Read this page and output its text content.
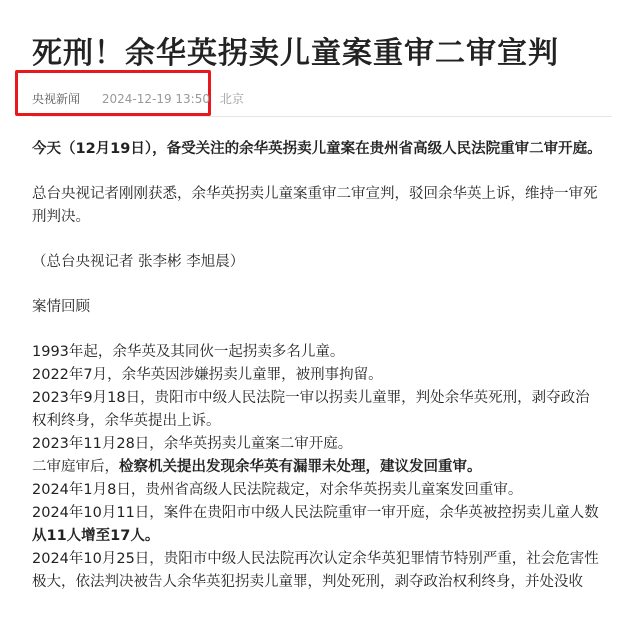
死刑！余华英拐卖儿童案重审二审宣判
央视新闻 2024-12-19 13:50 北京

今天（12月19日），备受关注的余华英拐卖儿童案在贵州省高级人民法院重审二审开庭。

总台央视记者刚刚获悉，余华英拐卖儿童案重审二审宣判，驳回余华英上诉，维持一审死刑判决。

（总台央视记者 张李彬 李旭晨）

案情回顾

1993年起，余华英及其同伙一起拐卖多名儿童。

2022年7月，余华英因涉嫌拐卖儿童罪，被刑事拘留。

2023年9月18日，贵阳市中级人民法院一审以拐卖儿童罪，判处余华英死刑，剥夺政治权利终身，余华英提出上诉。

2023年11月28日，余华英拐卖儿童案二审开庭。

二审庭审后，检察机关提出发现余华英有漏罪未处理，建议发回重审。

2024年1月8日，贵州省高级人民法院裁定，对余华英拐卖儿童案发回重审。

2024年10月11日，案件在贵阳市中级人民法院重审一审开庭，余华英被控拐卖儿童人数从11人增至17人。

2024年10月25日，贵阳市中级人民法院再次认定余华英犯罪情节特别严重，社会危害性极大，依法判决被告人余华英犯拐卖儿童罪，判处死刑，剥夺政治权利终身，并处没收
